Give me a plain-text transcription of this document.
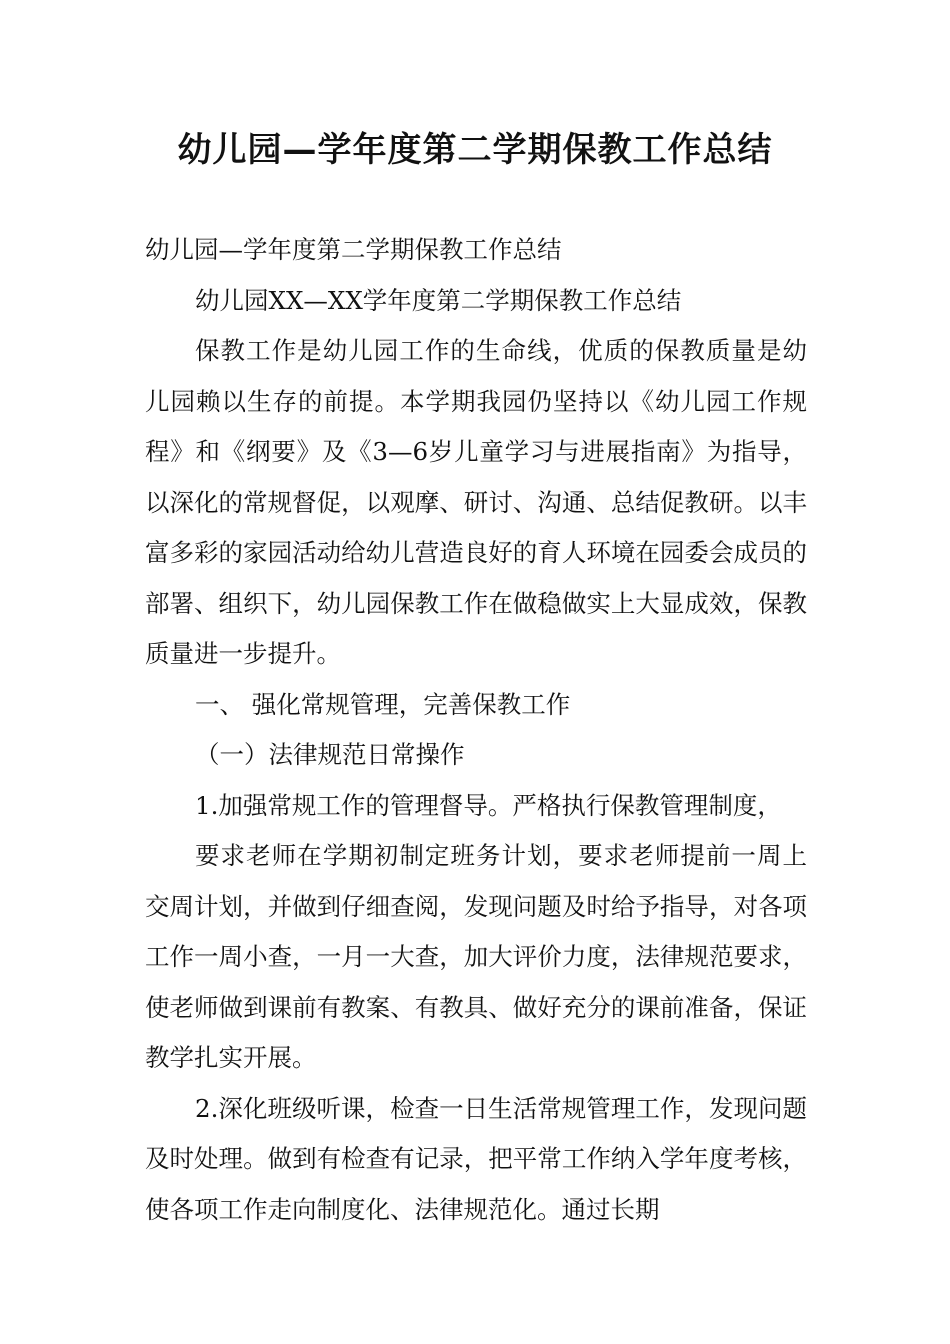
幼儿园—学年度第二学期保教工作总结

幼儿园—学年度第二学期保教工作总结

幼儿园XX—XX学年度第二学期保教工作总结

保教工作是幼儿园工作的生命线，优质的保教质量是幼儿园赖以生存的前提。本学期我园仍坚持以《幼儿园工作规程》和《纲要》及《3—6岁儿童学习与进展指南》为指导，以深化的常规督促，以观摩、研讨、沟通、总结促教研。以丰富多彩的家园活动给幼儿营造良好的育人环境在园委会成员的部署、组织下，幼儿园保教工作在做稳做实上大显成效，保教质量进一步提升。

一、 强化常规管理，完善保教工作

（一）法律规范日常操作

1.加强常规工作的管理督导。严格执行保教管理制度，

要求老师在学期初制定班务计划，要求老师提前一周上交周计划，并做到仔细查阅，发现问题及时给予指导，对各项工作一周小查，一月一大查，加大评价力度，法律规范要求，使老师做到课前有教案、有教具、做好充分的课前准备，保证教学扎实开展。

2.深化班级听课，检查一日生活常规管理工作，发现问题及时处理。做到有检查有记录，把平常工作纳入学年度考核，使各项工作走向制度化、法律规范化。通过长期
